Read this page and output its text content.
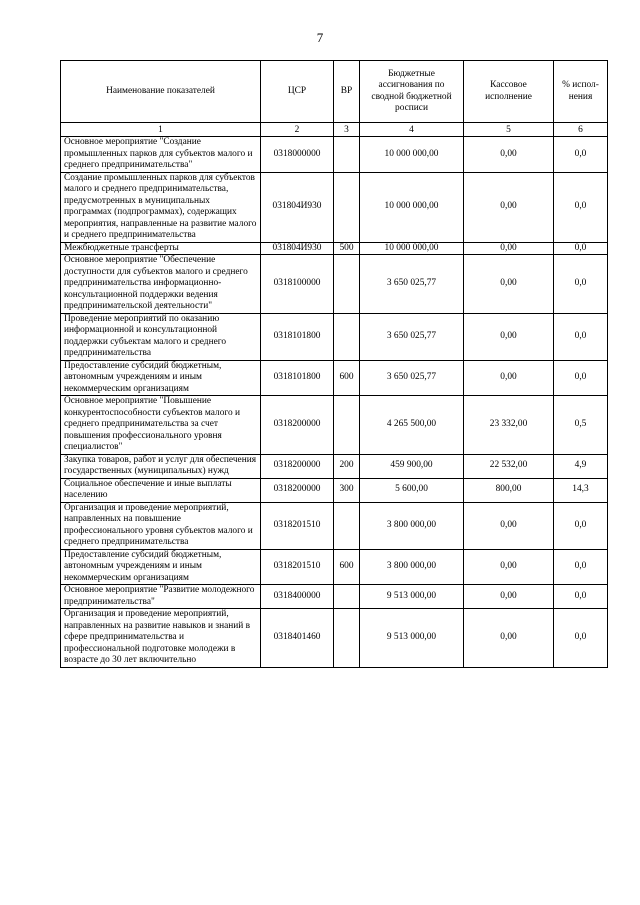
7
Наименование показателей	ЦСР	ВР	Бюджетные ассигнования по сводной бюджетной росписи	Кассовое исполнение	% испол-нения
1	2	3	4	5	6
Основное мероприятие "Создание промышленных парков для субъектов малого и среднего предпринимательства"	0318000000		10 000 000,00	0,00	0,0
Создание промышленных парков для субъектов малого и среднего предпринимательства, предусмотренных в муниципальных программах (подпрограммах), содержащих мероприятия, направленные на развитие малого и среднего предпринимательства	031804И930		10 000 000,00	0,00	0,0
Межбюджетные трансферты	031804И930	500	10 000 000,00	0,00	0,0
Основное мероприятие "Обеспечение доступности для субъектов малого и среднего предпринимательства информационно-консультационной поддержки ведения предпринимательской деятельности"	0318100000		3 650 025,77	0,00	0,0
Проведение мероприятий по оказанию информационной и консультационной поддержки субъектам малого и среднего предпринимательства	0318101800		3 650 025,77	0,00	0,0
Предоставление субсидий бюджетным, автономным учреждениям и иным некоммерческим организациям	0318101800	600	3 650 025,77	0,00	0,0
Основное мероприятие "Повышение конкурентоспособности субъектов малого и среднего предпринимательства за счет повышения профессионального уровня специалистов"	0318200000		4 265 500,00	23 332,00	0,5
Закупка товаров, работ и услуг для обеспечения государственных (муниципальных) нужд	0318200000	200	459 900,00	22 532,00	4,9
Социальное обеспечение и иные выплаты населению	0318200000	300	5 600,00	800,00	14,3
Организация и проведение мероприятий, направленных на повышение профессионального уровня субъектов малого и среднего предпринимательства	0318201510		3 800 000,00	0,00	0,0
Предоставление субсидий бюджетным, автономным учреждениям и иным некоммерческим организациям	0318201510	600	3 800 000,00	0,00	0,0
Основное мероприятие "Развитие молодежного предпринимательства"	0318400000		9 513 000,00	0,00	0,0
Организация и проведение мероприятий, направленных на развитие навыков и знаний в сфере предпринимательства и профессиональной подготовке молодежи в возрасте до 30 лет включительно	0318401460		9 513 000,00	0,00	0,0
